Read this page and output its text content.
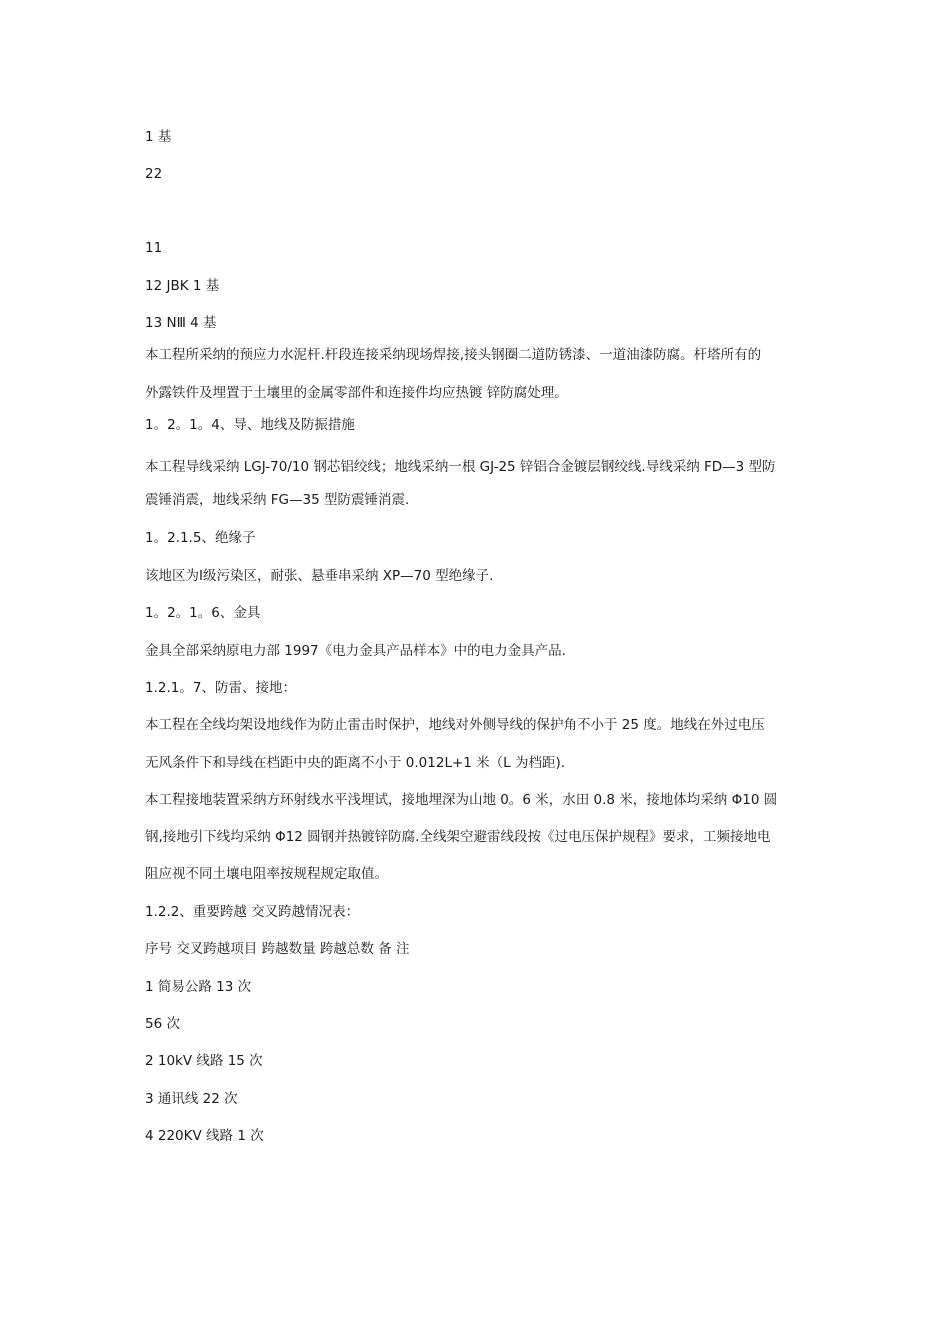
1 基

22

11

12 JBK 1 基

13 NⅢ 4 基

本工程所采纳的预应力水泥杆.杆段连接采纳现场焊接,接头钢圈二道防锈漆、一道油漆防腐。杆塔所有的

外露铁件及埋置于土壤里的金属零部件和连接件均应热镀 锌防腐处理。

1。2。1。4、导、地线及防振措施

本工程导线采纳 LGJ-70/10 钢芯铝绞线；地线采纳一根 GJ-25 锌铝合金镀层钢绞线.导线采纳 FD—3 型防

震锤消震，地线采纳 FG—35 型防震锤消震.

1。2.1.5、绝缘子

该地区为Ⅰ级污染区，耐张、悬垂串采纳 XP—70 型绝缘子.

1。2。1。6、金具

金具全部采纳原电力部 1997《电力金具产品样本》中的电力金具产品.

1.2.1。7、防雷、接地：

本工程在全线均架设地线作为防止雷击时保护，地线对外侧导线的保护角不小于 25 度。地线在外过电压

无风条件下和导线在档距中央的距离不小于 0.012L+1 米（L 为档距).

本工程接地装置采纳方环射线水平浅埋试，接地埋深为山地 0。6 米，水田 0.8 米，接地体均采纳 Φ10 圆

钢,接地引下线均采纳 Φ12 圆钢并热镀锌防腐.全线架空避雷线段按《过电压保护规程》要求，工频接地电

阻应视不同土壤电阻率按规程规定取值。

1.2.2、重要跨越 交叉跨越情况表：

序号 交叉跨越项目 跨越数量 跨越总数 备 注

1 简易公路 13 次

56 次

2 10kV 线路 15 次

3 通讯线 22 次

4 220KV 线路 1 次
